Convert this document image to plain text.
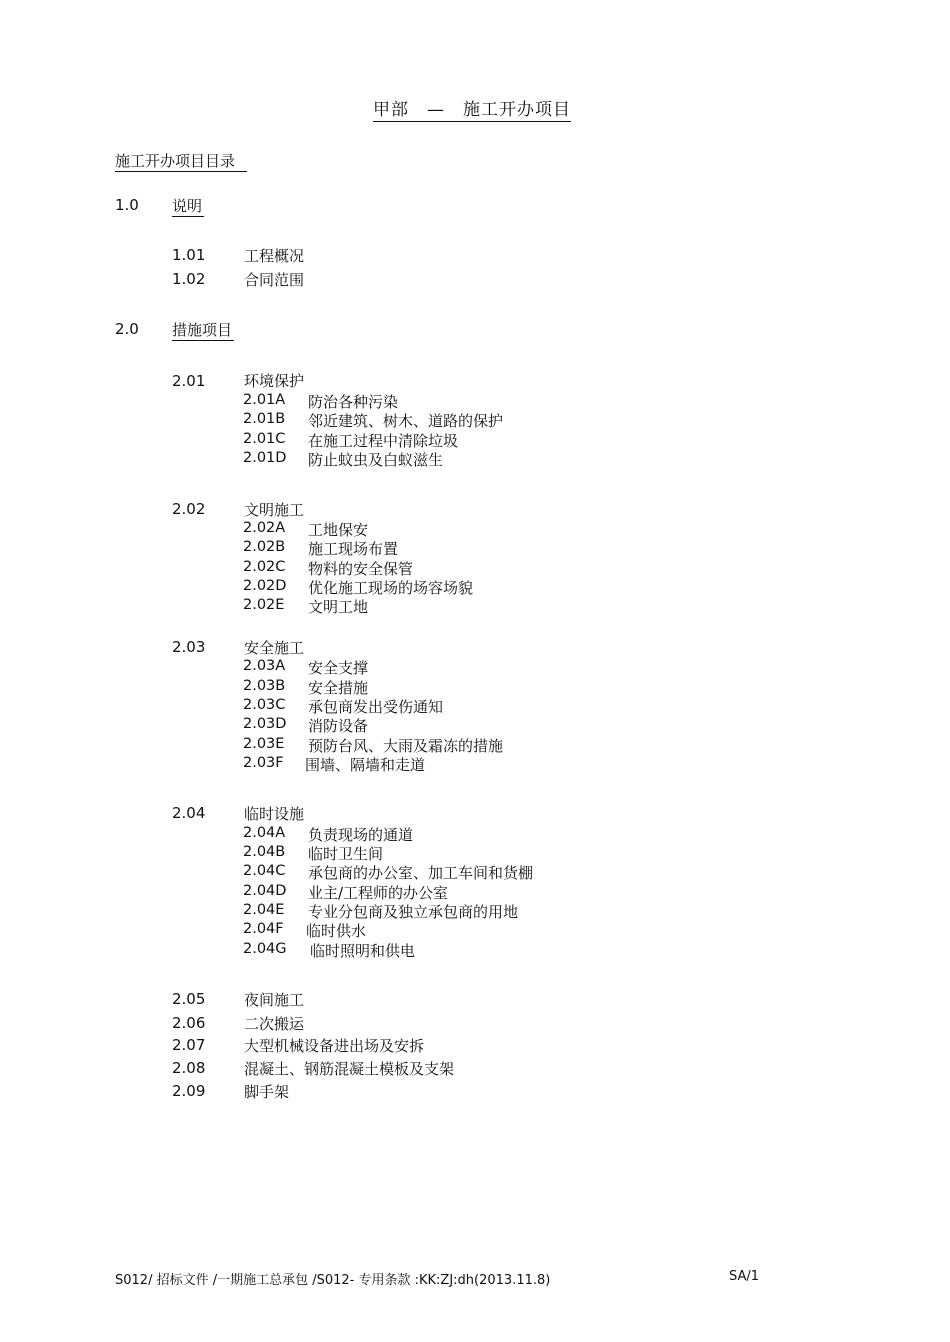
甲部　—　施工开办项目
施工开办项目目录
1.0 说明
1.01	工程概况
1.02	合同范围
2.0 措施项目
2.01	环境保护
2.01A 防治各种污染
2.01B 邻近建筑、树木、道路的保护
2.01C 在施工过程中清除垃圾
2.01D 防止蚊虫及白蚁滋生
2.02	文明施工
2.02A 工地保安
2.02B 施工现场布置
2.02C 物料的安全保管
2.02D 优化施工现场的场容场貌
2.02E 文明工地
2.03	安全施工
2.03A 安全支撑
2.03B 安全措施
2.03C 承包商发出受伤通知
2.03D 消防设备
2.03E 预防台风、大雨及霜冻的措施
2.03F 围墙、隔墙和走道
2.04	临时设施
2.04A 负责现场的通道
2.04B 临时卫生间
2.04C 承包商的办公室、加工车间和货棚
2.04D 业主/工程师的办公室
2.04E 专业分包商及独立承包商的用地
2.04F 临时供水
2.04G 临时照明和供电
2.05	夜间施工
2.06	二次搬运
2.07	大型机械设备进出场及安拆
2.08	混凝土、钢筋混凝土模板及支架
2.09	脚手架
S012/ 招标文件 /一期施工总承包 /S012- 专用条款 :KK:ZJ:dh(2013.11.8)	SA/1
